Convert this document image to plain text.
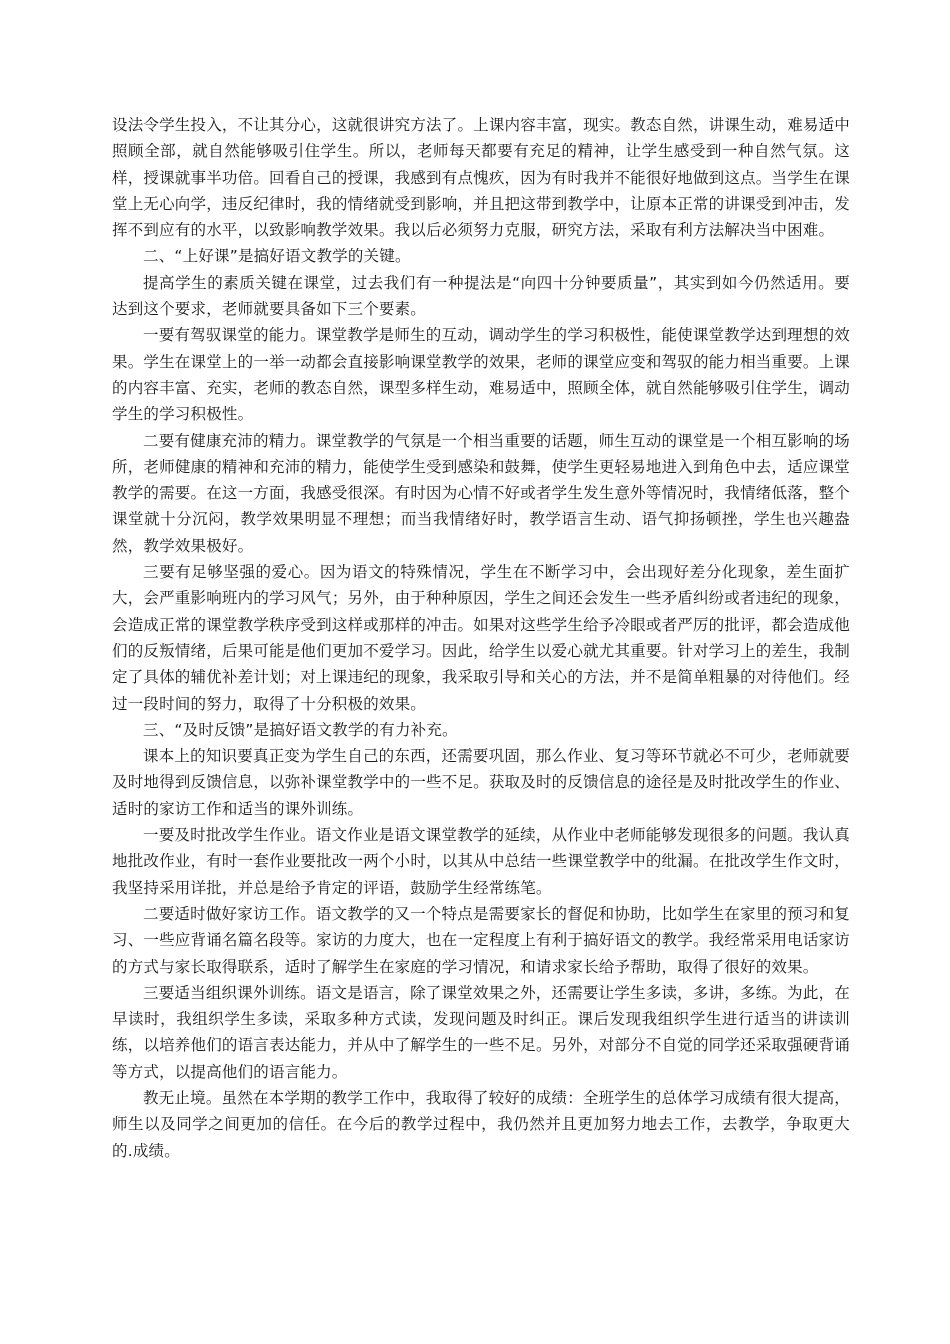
设法令学生投入，不让其分心，这就很讲究方法了。上课内容丰富，现实。教态自然，讲课生动，难易适中照顾全部，就自然能够吸引住学生。所以，老师每天都要有充足的精神，让学生感受到一种自然气氛。这样，授课就事半功倍。回看自己的授课，我感到有点愧疚，因为有时我并不能很好地做到这点。当学生在课堂上无心向学，违反纪律时，我的情绪就受到影响，并且把这带到教学中，让原本正常的讲课受到冲击，发挥不到应有的水平，以致影响教学效果。我以后必须努力克服，研究方法，采取有利方法解决当中困难。

二、“上好课”是搞好语文教学的关键。

提高学生的素质关键在课堂，过去我们有一种提法是“向四十分钟要质量”，其实到如今仍然适用。要达到这个要求，老师就要具备如下三个要素。

一要有驾驭课堂的能力。课堂教学是师生的互动，调动学生的学习积极性，能使课堂教学达到理想的效果。学生在课堂上的一举一动都会直接影响课堂教学的效果，老师的课堂应变和驾驭的能力相当重要。上课的内容丰富、充实，老师的教态自然，课型多样生动，难易适中，照顾全体，就自然能够吸引住学生，调动学生的学习积极性。

二要有健康充沛的精力。课堂教学的气氛是一个相当重要的话题，师生互动的课堂是一个相互影响的场所，老师健康的精神和充沛的精力，能使学生受到感染和鼓舞，使学生更轻易地进入到角色中去，适应课堂教学的需要。在这一方面，我感受很深。有时因为心情不好或者学生发生意外等情况时，我情绪低落，整个课堂就十分沉闷，教学效果明显不理想；而当我情绪好时，教学语言生动、语气抑扬顿挫，学生也兴趣盎然，教学效果极好。

三要有足够坚强的爱心。因为语文的特殊情况，学生在不断学习中，会出现好差分化现象，差生面扩大，会严重影响班内的学习风气；另外，由于种种原因，学生之间还会发生一些矛盾纠纷或者违纪的现象，会造成正常的课堂教学秩序受到这样或那样的冲击。如果对这些学生给予冷眼或者严厉的批评，都会造成他们的反叛情绪，后果可能是他们更加不爱学习。因此，给学生以爱心就尤其重要。针对学习上的差生，我制定了具体的辅优补差计划；对上课违纪的现象，我采取引导和关心的方法，并不是简单粗暴的对待他们。经过一段时间的努力，取得了十分积极的效果。

三、“及时反馈”是搞好语文教学的有力补充。

课本上的知识要真正变为学生自己的东西，还需要巩固，那么作业、复习等环节就必不可少，老师就要及时地得到反馈信息，以弥补课堂教学中的一些不足。获取及时的反馈信息的途径是及时批改学生的作业、适时的家访工作和适当的课外训练。

一要及时批改学生作业。语文作业是语文课堂教学的延续，从作业中老师能够发现很多的问题。我认真地批改作业，有时一套作业要批改一两个小时，以其从中总结一些课堂教学中的纰漏。在批改学生作文时，我坚持采用详批，并总是给予肯定的评语，鼓励学生经常练笔。

二要适时做好家访工作。语文教学的又一个特点是需要家长的督促和协助，比如学生在家里的预习和复习、一些应背诵名篇名段等。家访的力度大，也在一定程度上有利于搞好语文的教学。我经常采用电话家访的方式与家长取得联系，适时了解学生在家庭的学习情况，和请求家长给予帮助，取得了很好的效果。

三要适当组织课外训练。语文是语言，除了课堂效果之外，还需要让学生多读，多讲，多练。为此，在早读时，我组织学生多读，采取多种方式读，发现问题及时纠正。课后发现我组织学生进行适当的讲读训练，以培养他们的语言表达能力，并从中了解学生的一些不足。另外，对部分不自觉的同学还采取强硬背诵等方式，以提高他们的语言能力。

教无止境。虽然在本学期的教学工作中，我取得了较好的成绩：全班学生的总体学习成绩有很大提高，师生以及同学之间更加的信任。在今后的教学过程中，我仍然并且更加努力地去工作，去教学，争取更大的.成绩。
